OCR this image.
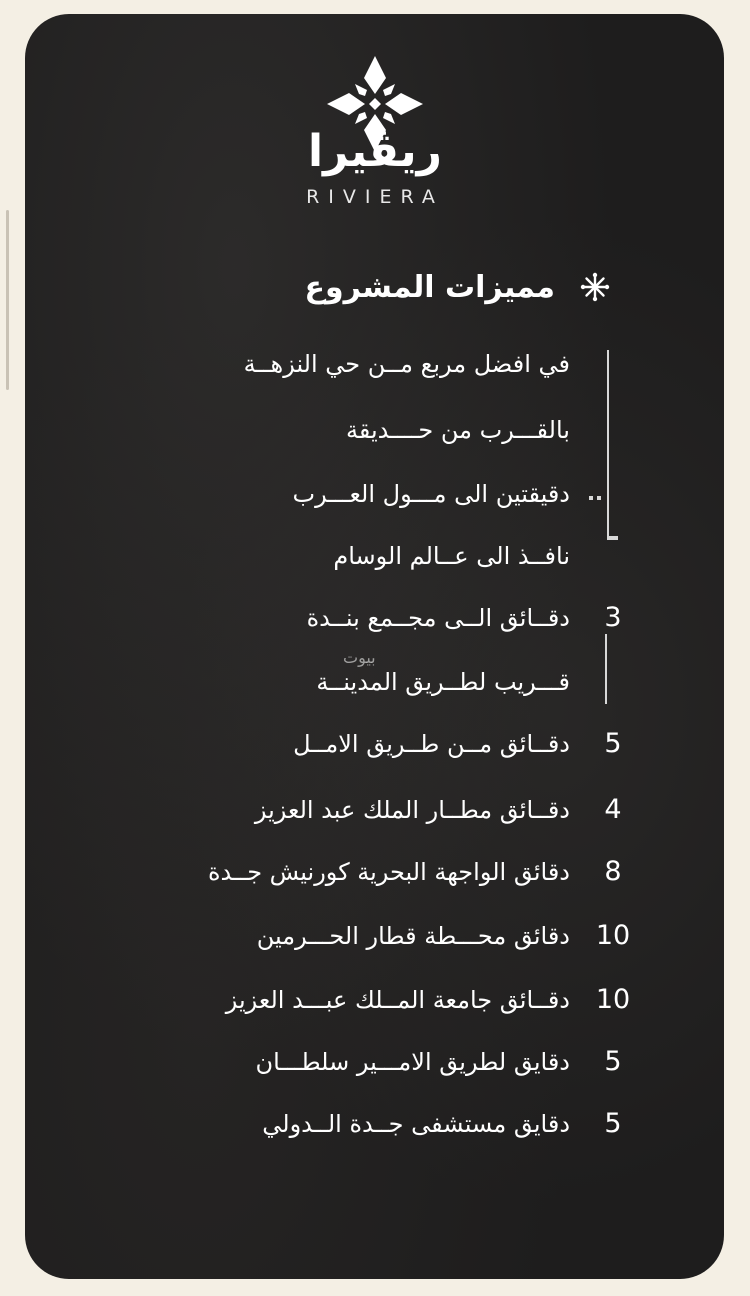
ريڤيرا
RIVIERA
مميزات المشروع
بيوت
في افضل مربع مــن حي النزهــة
بالقـــرب من حــــديقة
دقيقتين الى مـــول العـــرب
نافــذ الى عــالم الوسام
3
دقــائق الــى مجــمع بنــدة
قـــريب لطــريق المدينــة
5
دقــائق مــن طــريق الامــل
4
دقــائق مطــار الملك عبد العزيز
8
دقائق الواجهة البحرية كورنيش جــدة
10
دقائق محـــطة قطار الحـــرمين
10
دقــائق جامعة المــلك عبـــد العزيز
5
دقايق لطريق الامـــير سلطـــان
5
دقايق مستشفى جــدة الــدولي
